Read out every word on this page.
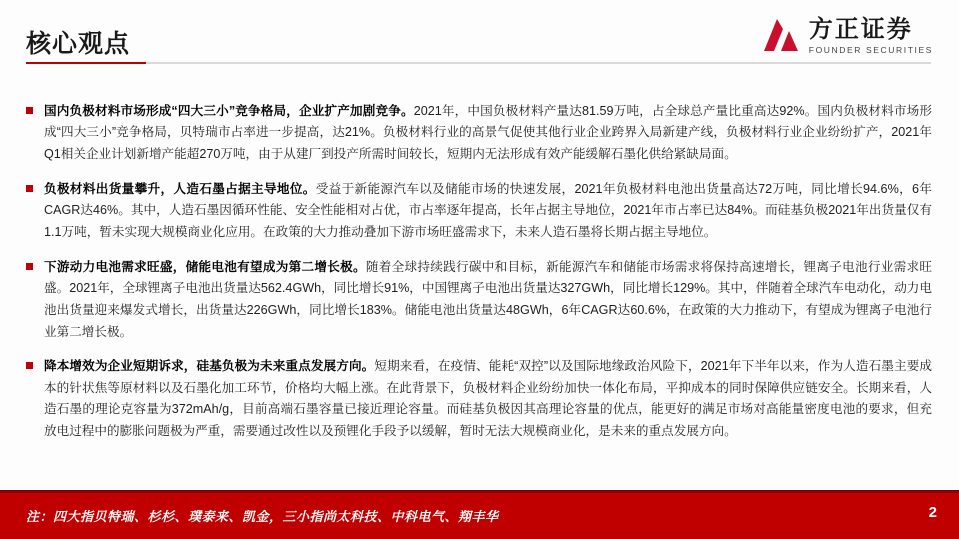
核心观点
方正证券
FOUNDER SECURITIES

国内负极材料市场形成“四大三小”竞争格局，企业扩产加剧竞争。2021年，中国负极材料产量达81.59万吨，占全球总产量比重高达92%。国内负极材料市场形成“四大三小”竞争格局，贝特瑞市占率进一步提高，达21%。负极材料行业的高景气促使其他行业企业跨界入局新建产线，负极材料行业企业纷纷扩产，2021年Q1相关企业计划新增产能超270万吨，由于从建厂到投产所需时间较长，短期内无法形成有效产能缓解石墨化供给紧缺局面。

负极材料出货量攀升，人造石墨占据主导地位。受益于新能源汽车以及储能市场的快速发展，2021年负极材料电池出货量高达72万吨，同比增长94.6%，6年CAGR达46%。其中，人造石墨因循环性能、安全性能相对占优，市占率逐年提高，长年占据主导地位，2021年市占率已达84%。而硅基负极2021年出货量仅有1.1万吨，暂未实现大规模商业化应用。在政策的大力推动叠加下游市场旺盛需求下，未来人造石墨将长期占据主导地位。

下游动力电池需求旺盛，储能电池有望成为第二增长极。随着全球持续践行碳中和目标，新能源汽车和储能市场需求将保持高速增长，锂离子电池行业需求旺盛。2021年，全球锂离子电池出货量达562.4GWh，同比增长91%，中国锂离子电池出货量达327GWh，同比增长129%。其中，伴随着全球汽车电动化，动力电池出货量迎来爆发式增长，出货量达226GWh，同比增长183%。储能电池出货量达48GWh，6年CAGR达60.6%，在政策的大力推动下，有望成为锂离子电池行业第二增长极。

降本增效为企业短期诉求，硅基负极为未来重点发展方向。短期来看，在疫情、能耗“双控”以及国际地缘政治风险下，2021年下半年以来，作为人造石墨主要成本的针状焦等原材料以及石墨化加工环节，价格均大幅上涨。在此背景下，负极材料企业纷纷加快一体化布局，平抑成本的同时保障供应链安全。长期来看，人造石墨的理论克容量为372mAh/g，目前高端石墨容量已接近理论容量。而硅基负极因其高理论容量的优点，能更好的满足市场对高能量密度电池的要求，但充放电过程中的膨胀问题极为严重，需要通过改性以及预锂化手段予以缓解，暂时无法大规模商业化，是未来的重点发展方向。

注：四大指贝特瑞、杉杉、璞泰来、凯金，三小指尚太科技、中科电气、翔丰华	2
